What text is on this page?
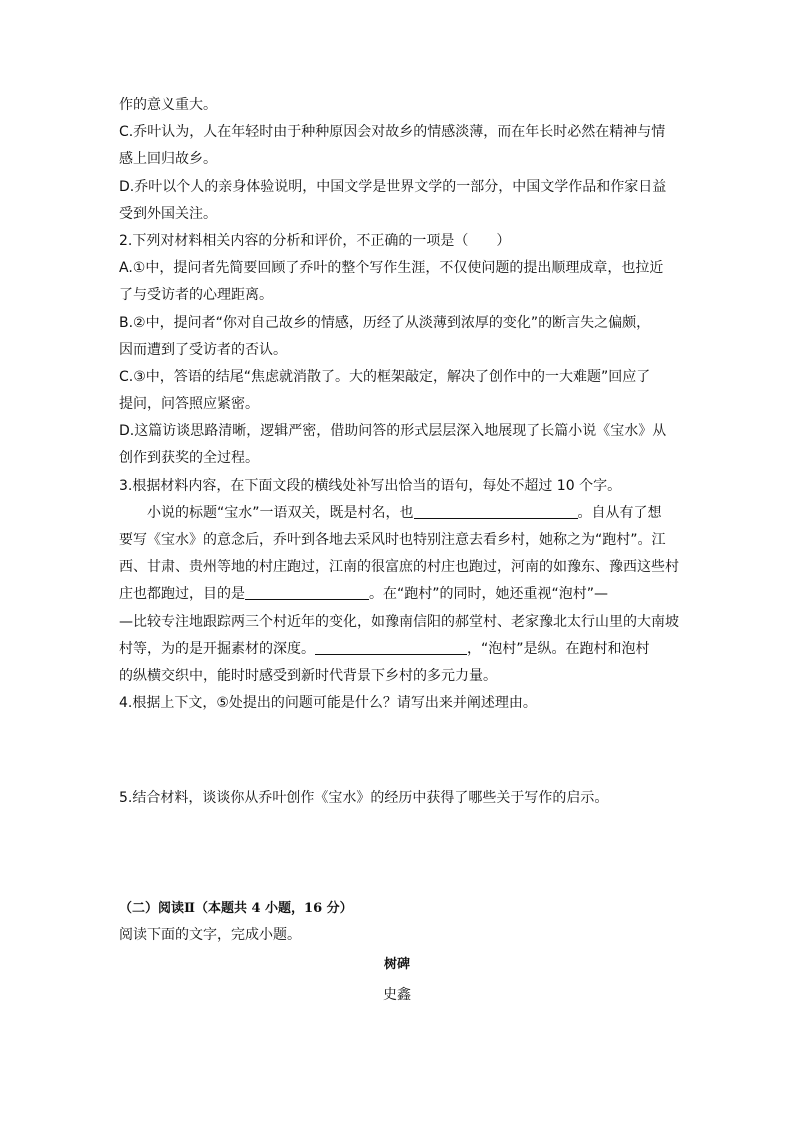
作的意义重大。
C.乔叶认为，人在年轻时由于种种原因会对故乡的情感淡薄，而在年长时必然在精神与情
感上回归故乡。
D.乔叶以个人的亲身体验说明，中国文学是世界文学的一部分，中国文学作品和作家日益
受到外国关注。
2.下列对材料相关内容的分析和评价，不正确的一项是（　　）
A.①中，提问者先简要回顾了乔叶的整个写作生涯，不仅使问题的提出顺理成章，也拉近
了与受访者的心理距离。
B.②中，提问者“你对自己故乡的情感，历经了从淡薄到浓厚的变化”的断言失之偏颇，
因而遭到了受访者的否认。
C.③中，答语的结尾“焦虑就消散了。大的框架敲定，解决了创作中的一大难题”回应了
提问，问答照应紧密。
D.这篇访谈思路清晰，逻辑严密，借助问答的形式层层深入地展现了长篇小说《宝水》从
创作到获奖的全过程。
3.根据材料内容，在下面文段的横线处补写出恰当的语句，每处不超过 10 个字。
小说的标题“宝水”一语双关，既是村名，也	。自从有了想
要写《宝水》的意念后，乔叶到各地去采风时也特别注意去看乡村，她称之为“跑村”。江
西、甘肃、贵州等地的村庄跑过，江南的很富庶的村庄也跑过，河南的如豫东、豫西这些村
庄也都跑过，目的是	。在“跑村”的同时，她还重视“泡村”—
—比较专注地跟踪两三个村近年的变化，如豫南信阳的郝堂村、老家豫北太行山里的大南坡
村等，为的是开掘素材的深度。	，“泡村”是纵。在跑村和泡村
的纵横交织中，能时时感受到新时代背景下乡村的多元力量。
4.根据上下文，⑤处提出的问题可能是什么？请写出来并阐述理由。
5.结合材料，谈谈你从乔叶创作《宝水》的经历中获得了哪些关于写作的启示。
（二）阅读Ⅱ（本题共 4 小题，16 分）
阅读下面的文字，完成小题。
树碑
史鑫
